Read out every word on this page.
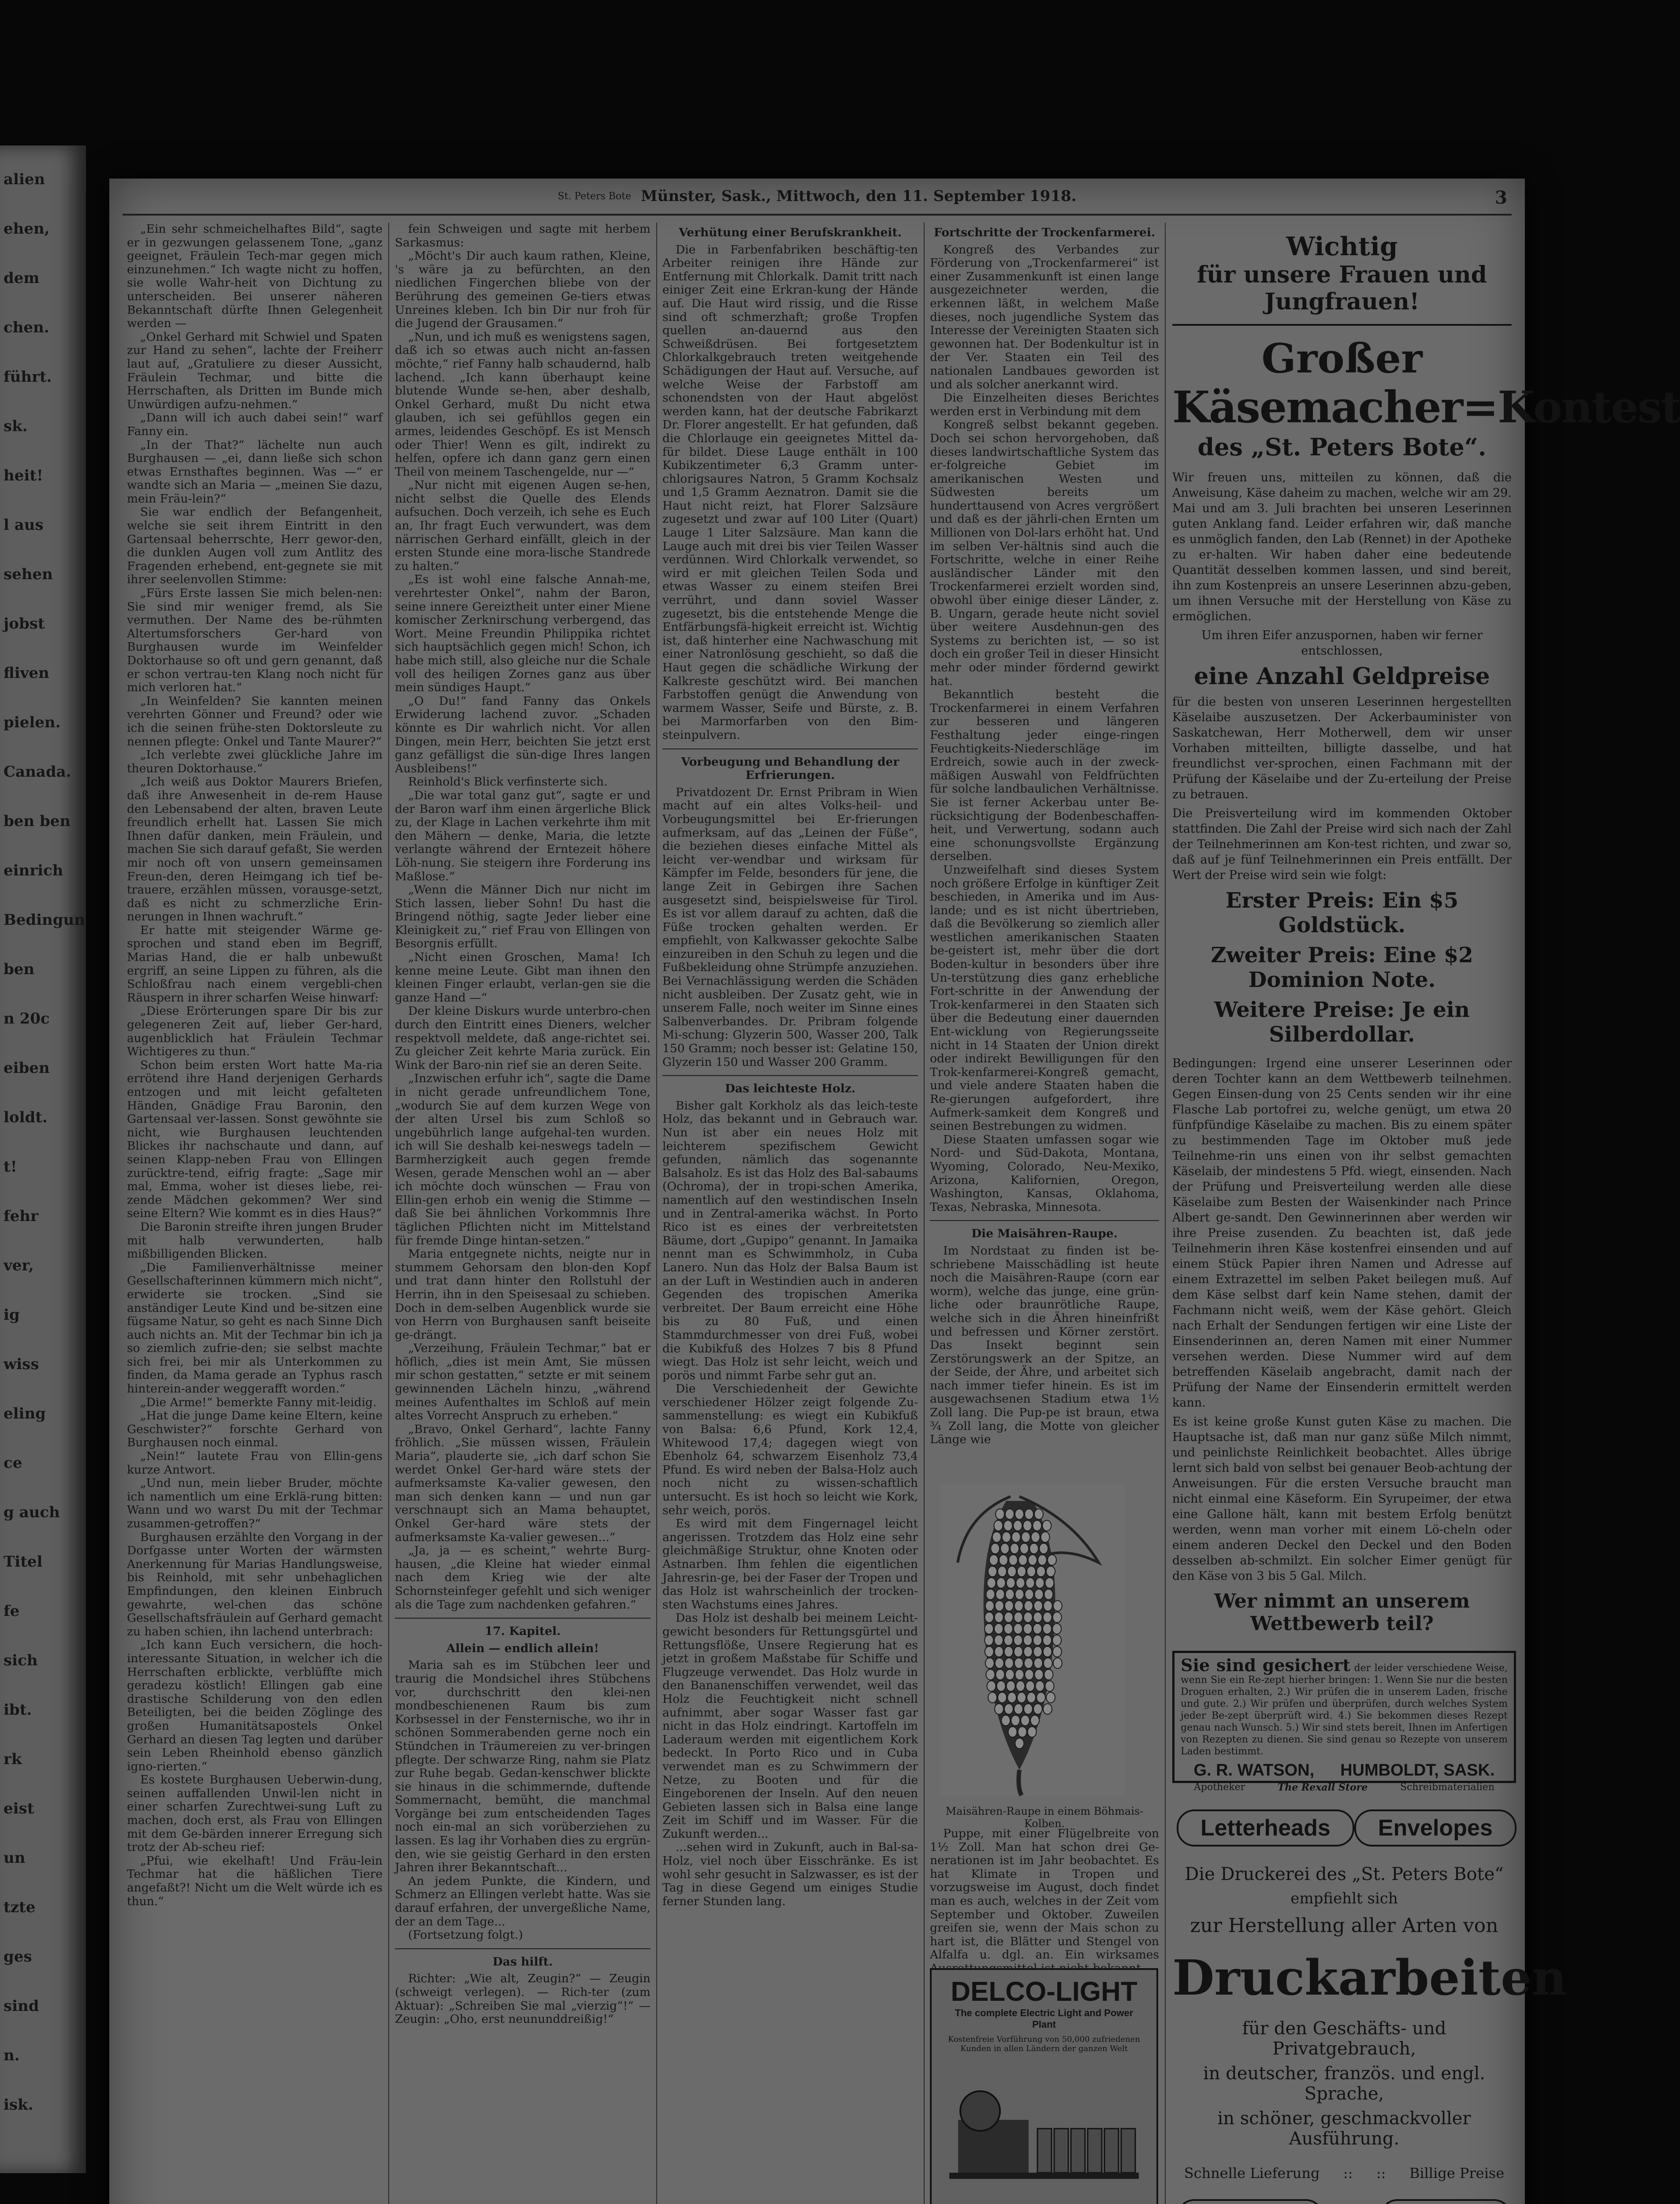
alien
ehen,
dem
chen.
führt.
sk.
heit!
l aus
sehen
jobst
fliven
pielen.
Canada.
ben ben
einrich
Bedingun
ben
n 20c
eiben
loldt.
t!
fehr
ver,
ig
wiss
eling
ce
g auch
Titel
fe
sich
ibt.
rk
eist
un
tzte
ges
sind
n.
isk.
St. Peters Bote Münster, Sask., Mittwoch, den 11. September 1918.	3

„Ein sehr schmeichelhaftes Bild“, sagte er in gezwungen gelassenem Tone, „ganz geeignet, Fräulein Tech-mar gegen mich einzunehmen.“ Ich wagte nicht zu hoffen, sie wolle Wahr-heit von Dichtung zu unterscheiden. Bei unserer näheren Bekanntschaft dürfte Ihnen Gelegenheit werden —

„Onkel Gerhard mit Schwiel und Spaten zur Hand zu sehen“, lachte der Freiherr laut auf, „Gratuliere zu dieser Aussicht, Fräulein Techmar, und bitte die Herrschaften, als Dritten im Bunde mich Unwürdigen aufzu-nehmen.“

„Dann will ich auch dabei sein!“ warf Fanny ein.

„In der That?“ lächelte nun auch Burghausen — „ei, dann ließe sich schon etwas Ernsthaftes beginnen. Was —“ er wandte sich an Maria — „meinen Sie dazu, mein Fräu-lein?“

Sie war endlich der Befangenheit, welche sie seit ihrem Eintritt in den Gartensaal beherrschte, Herr gewor-den, die dunklen Augen voll zum Antlitz des Fragenden erhebend, ent-gegnete sie mit ihrer seelenvollen Stimme:

„Fürs Erste lassen Sie mich belen-nen: Sie sind mir weniger fremd, als Sie vermuthen. Der Name des be-rühmten Altertumsforschers Ger-hard von Burghausen wurde im Weinfelder Doktorhause so oft und gern genannt, daß er schon vertrau-ten Klang noch nicht für mich verloren hat.“

„In Weinfelden? Sie kannten meinen verehrten Gönner und Freund? oder wie ich die seinen frühe-sten Doktorsleute zu nennen pflegte: Onkel und Tante Maurer?“

„Ich verlebte zwei glückliche Jahre im theuren Doktorhause.“

„Ich weiß aus Doktor Maurers Briefen, daß ihre Anwesenheit in de-rem Hause den Lebensabend der alten, braven Leute freundlich erhellt hat. Lassen Sie mich Ihnen dafür danken, mein Fräulein, und machen Sie sich darauf gefaßt, Sie werden mir noch oft von unsern gemeinsamen Freun-den, deren Heimgang ich tief be-trauere, erzählen müssen, vorausge-setzt, daß es nicht zu schmerzliche Erin-nerungen in Ihnen wachruft.“

Er hatte mit steigender Wärme ge-sprochen und stand eben im Begriff, Marias Hand, die er halb unbewußt ergriff, an seine Lippen zu führen, als die Schloßfrau nach einem vergebli-chen Räuspern in ihrer scharfen Weise hinwarf:

„Diese Erörterungen spare Dir bis zur gelegeneren Zeit auf, lieber Ger-hard, augenblicklich hat Fräulein Techmar Wichtigeres zu thun.“

Schon beim ersten Wort hatte Ma-ria errötend ihre Hand derjenigen Gerhards entzogen und mit leicht gefalteten Händen, Gnädige Frau Baronin, den Gartensaal ver-lassen. Sonst gewöhnte sie nicht, wie Burghausen leuchtenden Blickes ihr nachschaute und dann, auf seinen Klapp-neben Frau von Ellingen zurücktre-tend, eifrig fragte: „Sage mir mal, Emma, woher ist dieses liebe, rei-zende Mädchen gekommen? Wer sind seine Eltern? Wie kommt es in dies Haus?“

Die Baronin streifte ihren jungen Bruder mit halb verwunderten, halb mißbilligenden Blicken.

„Die Familienverhältnisse meiner Gesellschafterinnen kümmern mich nicht“, erwiderte sie trocken. „Sind sie anständiger Leute Kind und be-sitzen eine fügsame Natur, so geht es nach Sinne Dich auch nichts an. Mit der Techmar bin ich ja so ziemlich zufrie-den; sie selbst machte sich frei, bei mir als Unterkommen zu finden, da Mama gerade an Typhus rasch hinterein-ander weggerafft worden.“

„Die Arme!“ bemerkte Fanny mit-leidig.

„Hat die junge Dame keine Eltern, keine Geschwister?“ forschte Gerhard von Burghausen noch einmal.

„Nein!“ lautete Frau von Ellin-gens kurze Antwort.

„Und nun, mein lieber Bruder, möchte ich namentlich um eine Erklä-rung bitten: Wann und wo warst Du mit der Techmar zusammen-getroffen?“

Burghausen erzählte den Vorgang in der Dorfgasse unter Worten der wärmsten Anerkennung für Marias Handlungsweise, bis Reinhold, mit sehr unbehaglichen Empfindungen, den kleinen Einbruch gewahrte, wel-chen das schöne Gesellschaftsfräulein auf Gerhard gemacht zu haben schien, ihn lachend unterbrach:

„Ich kann Euch versichern, die hoch-interessante Situation, in welcher ich die Herrschaften erblickte, verblüffte mich geradezu köstlich! Ellingen gab eine drastische Schilderung von den edlen Beteiligten, bei die beiden Zöglinge des großen Humanitätsapostels Onkel Gerhard an diesen Tag legten und darüber sein Leben Rheinhold ebenso gänzlich igno-rierten.“

Es kostete Burghausen Ueberwin-dung, seinen auffallenden Unwil-len nicht in einer scharfen Zurechtwei-sung Luft zu machen, doch erst, als Frau von Ellingen mit dem Ge-bärden innerer Erregung sich trotz der Ab-scheu rief:

„Pfui, wie ekelhaft! Und Fräu-lein Techmar hat die häßlichen Tiere angefaßt?! Nicht um die Welt würde ich es thun.“

fein Schweigen und sagte mit herbem Sarkasmus:

„Möcht's Dir auch kaum rathen, Kleine, 's wäre ja zu befürchten, an den niedlichen Fingerchen bliebe von der Berührung des gemeinen Ge-tiers etwas Unreines kleben. Ich bin Dir nur froh für die Jugend der Grausamen.“

„Nun, und ich muß es wenigstens sagen, daß ich so etwas auch nicht an-fassen möchte,“ rief Fanny halb schaudernd, halb lachend. „Ich kann überhaupt keine blutende Wunde se-hen, aber deshalb, Onkel Gerhard, mußt Du nicht etwa glauben, ich sei gefühllos gegen ein armes, leidendes Geschöpf. Es ist Mensch oder Thier! Wenn es gilt, indirekt zu helfen, opfere ich dann ganz gern einen Theil von meinem Taschengelde, nur —“

„Nur nicht mit eigenen Augen se-hen, nicht selbst die Quelle des Elends aufsuchen. Doch verzeih, ich sehe es Euch an, Ihr fragt Euch verwundert, was dem närrischen Gerhard einfällt, gleich in der ersten Stunde eine mora-lische Standrede zu halten.“

„Es ist wohl eine falsche Annah-me, verehrtester Onkel“, nahm der Baron, seine innere Gereiztheit unter einer Miene komischer Zerknirschung verbergend, das Wort. Meine Freundin Philippika richtet sich hauptsächlich gegen mich! Schon, ich habe mich still, also gleiche nur die Schale voll des heiligen Zornes ganz aus über mein sündiges Haupt.“

„O Du!“ fand Fanny das Onkels Erwiderung lachend zuvor. „Schaden könnte es Dir wahrlich nicht. Vor allen Dingen, mein Herr, beichten Sie jetzt erst ganz gefälligst die sün-dige Ihres langen Ausbleibens!“

Reinhold's Blick verfinsterte sich.

„Die war total ganz gut“, sagte er und der Baron warf ihm einen ärgerliche Blick zu, der Klage in Lachen verkehrte ihm mit den Mähern — denke, Maria, die letzte verlangte während der Erntezeit höhere Löh-nung. Sie steigern ihre Forderung ins Maßlose.“

„Wenn die Männer Dich nur nicht im Stich lassen, lieber Sohn! Du hast die Bringend nöthig, sagte Jeder lieber eine Kleinigkeit zu,“ rief Frau von Ellingen von Besorgnis erfüllt.

„Nicht einen Groschen, Mama! Ich kenne meine Leute. Gibt man ihnen den kleinen Finger erlaubt, verlan-gen sie die ganze Hand —“

Der kleine Diskurs wurde unterbro-chen durch den Eintritt eines Dieners, welcher respektvoll meldete, daß ange-richtet sei. Zu gleicher Zeit kehrte Maria zurück. Ein Wink der Baro-nin rief sie an deren Seite.

„Inzwischen erfuhr ich“, sagte die Dame in nicht gerade unfreundlichem Tone, „wodurch Sie auf dem kurzen Wege von der alten Ursel bis zum Schloß so ungebührlich lange aufgehal-ten wurden. ich will Sie deshalb kei-neswegs tadeln — Barmherzigkeit auch gegen fremde Wesen, gerade Menschen wohl an — aber ich möchte doch wünschen — Frau von Ellin-gen erhob ein wenig die Stimme — daß Sie bei ähnlichen Vorkommnis Ihre täglichen Pflichten nicht im Mittelstand für fremde Dinge hintan-setzen.“

Maria entgegnete nichts, neigte nur in stummem Gehorsam den blon-den Kopf und trat dann hinter den Rollstuhl der Herrin, ihn in den Speisesaal zu schieben. Doch in dem-selben Augenblick wurde sie von Herrn von Burghausen sanft beiseite ge-drängt.

„Verzeihung, Fräulein Techmar,“ bat er höflich, „dies ist mein Amt, Sie müssen mir schon gestatten,“ setzte er mit seinem gewinnenden Lächeln hinzu, „während meines Aufenthaltes im Schloß auf mein altes Vorrecht Anspruch zu erheben.“

„Bravo, Onkel Gerhard“, lachte Fanny fröhlich. „Sie müssen wissen, Fräulein Maria“, plauderte sie, „ich darf schon Sie werdet Onkel Ger-hard wäre stets der aufmerksamste Ka-valier gewesen, den man sich denken kann — und nun gar verschnaupt sich an Mama behauptet, Onkel Ger-hard wäre stets der aufmerksamste Ka-valier gewesen...“

„Ja, ja — es scheint,“ wehrte Burg-hausen, „die Kleine hat wieder einmal nach dem Krieg wie der alte Schornsteinfeger gefehlt und sich weniger als die Tage zum nachdenken gefahren.“

17. Kapitel.

Allein — endlich allein!

Maria sah es im Stübchen leer und traurig die Mondsichel ihres Stübchens vor, durchschritt den klei-nen mondbeschienenen Raum bis zum Korbsessel in der Fensternische, wo ihr in schönen Sommerabenden gerne noch ein Stündchen in Träumereien zu ver-bringen pflegte. Der schwarze Ring, nahm sie Platz zur Ruhe begab. Gedan-kenschwer blickte sie hinaus in die schimmernde, duftende Sommernacht, bemüht, die manchmal Vorgänge bei zum entscheidenden Tages noch ein-mal an sich vorüberziehen zu lassen. Es lag ihr Vorhaben dies zu ergrün-den, wie sie geistig Gerhard in den ersten Jahren ihrer Bekanntschaft...

An jedem Punkte, die Kindern, und Schmerz an Ellingen verlebt hatte. Was sie darauf erfahren, der unvergeßliche Name, der an dem Tage...

(Fortsetzung folgt.)

Das hilft.

Richter: „Wie alt, Zeugin?“ — Zeugin (schweigt verlegen). — Rich-ter (zum Aktuar): „Schreiben Sie mal „vierzig“!“ — Zeugin: „Oho, erst neununddreißig!“

Verhütung einer Berufskrankheit.

Die in Farbenfabriken beschäftig-ten Arbeiter reinigen ihre Hände zur Entfernung mit Chlorkalk. Damit tritt nach einiger Zeit eine Erkran-kung der Hände auf. Die Haut wird rissig, und die Risse sind oft schmerzhaft; große Tropfen quellen an-dauernd aus den Schweißdrüsen. Bei fortgesetztem Chlorkalkgebrauch treten weitgehende Schädigungen der Haut auf. Versuche, auf welche Weise der Farbstoff am schonendsten von der Haut abgelöst werden kann, hat der deutsche Fabrikarzt Dr. Florer angestellt. Er hat gefunden, daß die Chlorlauge ein geeignetes Mittel da-für bildet. Diese Lauge enthält in 100 Kubikzentimeter 6,3 Gramm unter-chlorigsaures Natron, 5 Gramm Kochsalz und 1,5 Gramm Aeznatron. Damit sie die Haut nicht reizt, hat Florer Salzsäure zugesetzt und zwar auf 100 Liter (Quart) Lauge 1 Liter Salzsäure. Man kann die Lauge auch mit drei bis vier Teilen Wasser verdünnen. Wird Chlorkalk verwendet, so wird er mit gleichen Teilen Soda und etwas Wasser zu einem steifen Brei verrührt, und dann soviel Wasser zugesetzt, bis die entstehende Menge die Entfärbungsfä-higkeit erreicht ist. Wichtig ist, daß hinterher eine Nachwaschung mit einer Natronlösung geschieht, so daß die Haut gegen die schädliche Wirkung der Kalkreste geschützt wird. Bei manchen Farbstoffen genügt die Anwendung von warmem Wasser, Seife und Bürste, z. B. bei Marmorfarben von den Bim-steinpulvern.

Vorbeugung und Behandlung der Erfrierungen.

Privatdozent Dr. Ernst Pribram in Wien macht auf ein altes Volks-heil- und Vorbeugungsmittel bei Er-frierungen aufmerksam, auf das „Leinen der Füße“, die beziehen dieses einfache Mittel als leicht ver-wendbar und wirksam für Kämpfer im Felde, besonders für jene, die lange Zeit in Gebirgen ihre Sachen ausgesetzt sind, beispielsweise für Tirol. Es ist vor allem darauf zu achten, daß die Füße trocken gehalten werden. Er empfiehlt, von Kalkwasser gekochte Salbe einzureiben in den Schuh zu legen und die Fußbekleidung ohne Strümpfe anzuziehen. Bei Vernachlässigung werden die Schäden nicht ausbleiben. Der Zusatz geht, wie in unserem Falle, noch weiter im Sinne eines Salbenverbandes. Dr. Pribram folgende Mi-schung: Glyzerin 500, Wasser 200, Talk 150 Gramm; noch besser ist: Gelatine 150, Glyzerin 150 und Wasser 200 Gramm.

Das leichteste Holz.

Bisher galt Korkholz als das leich-teste Holz, das bekannt und in Gebrauch war. Nun ist aber ein neues Holz mit leichterem spezifischem Gewicht gefunden, nämlich das sogenannte Balsaholz. Es ist das Holz des Bal-sabaums (Ochroma), der in tropi-schen Amerika, namentlich auf den westindischen Inseln und in Zentral-amerika wächst. In Porto Rico ist es eines der verbreitetsten Bäume, dort „Gupipo“ genannt. In Jamaika nennt man es Schwimmholz, in Cuba Lanero. Nun das Holz der Balsa Baum ist an der Luft in Westindien auch in anderen Gegenden des tropischen Amerika verbreitet. Der Baum erreicht eine Höhe bis zu 80 Fuß, und einen Stammdurchmesser von drei Fuß, wobei die Kubikfuß des Holzes 7 bis 8 Pfund wiegt. Das Holz ist sehr leicht, weich und porös und nimmt Farbe sehr gut an.

Die Verschiedenheit der Gewichte verschiedener Hölzer zeigt folgende Zu-sammenstellung: es wiegt ein Kubikfuß von Balsa: 6,6 Pfund, Kork 12,4, Whitewood 17,4; dagegen wiegt von Ebenholz 64, schwarzem Eisenholz 73,4 Pfund. Es wird neben der Balsa-Holz auch noch nicht zu wissen-schaftlich untersucht. Es ist hoch so leicht wie Kork, sehr weich, porös.

Es wird mit dem Fingernagel leicht angerissen. Trotzdem das Holz eine sehr gleichmäßige Struktur, ohne Knoten oder Astnarben. Ihm fehlen die eigentlichen Jahresrin-ge, bei der Faser der Tropen und das Holz ist wahrscheinlich der trocken-sten Wachstums eines Jahres.

Das Holz ist deshalb bei meinem Leicht-gewicht besonders für Rettungsgürtel und Rettungsflöße, Unsere Regierung hat es jetzt in großem Maßstabe für Schiffe und Flugzeuge verwendet. Das Holz wurde in den Bananenschiffen verwendet, weil das Holz die Feuchtigkeit nicht schnell aufnimmt, aber sogar Wasser fast gar nicht in das Holz eindringt. Kartoffeln im Laderaum werden mit eigentlichem Kork bedeckt. In Porto Rico und in Cuba verwendet man es zu Schwimmern der Netze, zu Booten und für die Eingeborenen der Inseln. Auf den neuen Gebieten lassen sich in Balsa eine lange Zeit im Schiff und im Wasser. Für die Zukunft werden...

...sehen wird in Zukunft, auch in Bal-sa-Holz, viel noch über Eisschränke. Es ist wohl sehr gesucht in Salzwasser, es ist der Tag in diese Gegend um einiges Studie ferner Stunden lang.

Fortschritte der Trockenfarmerei.

Kongreß des Verbandes zur Förderung von „Trockenfarmerei“ ist einer Zusammenkunft ist einen lange ausgezeichneter werden, die erkennen läßt, in welchem Maße dieses, noch jugendliche System das Interesse der Vereinigten Staaten sich gewonnen hat. Der Bodenkultur ist in der Ver. Staaten ein Teil des nationalen Landbaues geworden ist und als solcher anerkannt wird.

Die Einzelheiten dieses Berichtes werden erst in Verbindung mit dem

Kongreß selbst bekannt gegeben. Doch sei schon hervorgehoben, daß dieses landwirtschaftliche System das er-folgreiche Gebiet im amerikanischen Westen und Südwesten bereits um hunderttausend von Acres vergrößert und daß es der jährli-chen Ernten um Millionen von Dol-lars erhöht hat. Und im selben Ver-hältnis sind auch die Fortschritte, welche in einer Reihe ausländischer Länder mit den Trockenfarmerei erzielt worden sind, obwohl über einige dieser Länder, z. B. Ungarn, gerade heute nicht soviel über weitere Ausdehnun-gen des Systems zu berichten ist, — so ist doch ein großer Teil in dieser Hinsicht mehr oder minder fördernd gewirkt hat.

Bekanntlich besteht die Trockenfarmerei in einem Verfahren zur besseren und längeren Festhaltung jeder einge-ringen Feuchtigkeits-Niederschläge im Erdreich, sowie auch in der zweck-mäßigen Auswahl von Feldfrüchten für solche landbaulichen Verhältnisse. Sie ist ferner Ackerbau unter Be-rücksichtigung der Bodenbeschaffen-heit, und Verwertung, sodann auch eine schonungsvollste Ergänzung derselben.

Unzweifelhaft sind dieses System noch größere Erfolge in künftiger Zeit beschieden, in Amerika und im Aus-lande; und es ist nicht übertrieben, daß die Bevölkerung so ziemlich aller westlichen amerikanischen Staaten be-geistert ist, mehr über die dort Boden-kultur in besonders über ihre Un-terstützung dies ganz erhebliche Fort-schritte in der Anwendung der Trok-kenfarmerei in den Staaten sich über die Bedeutung einer dauernden Ent-wicklung von Regierungsseite nicht in 14 Staaten der Union direkt oder indirekt Bewilligungen für den Trok-kenfarmerei-Kongreß gemacht, und viele andere Staaten haben die Re-gierungen aufgefordert, ihre Aufmerk-samkeit dem Kongreß und seinen Bestrebungen zu widmen.

Diese Staaten umfassen sogar wie Nord- und Süd-Dakota, Montana, Wyoming, Colorado, Neu-Mexiko, Arizona, Kalifornien, Oregon, Washington, Kansas, Oklahoma, Texas, Nebraska, Minnesota.

Die Maisähren-Raupe.

Im Nordstaat zu finden ist be-schriebene Maisschädling ist heute noch die Maisähren-Raupe (corn ear worm), welche das junge, eine grün-liche oder braunrötliche Raupe, welche sich in die Ähren hineinfrißt und befressen und Körner zerstört. Das Insekt beginnt sein Zerstörungswerk an der Spitze, an der Seide, der Ähre, und arbeitet sich nach immer tiefer hinein. Es ist im ausgewachsenen Stadium etwa 1½ Zoll lang. Die Pup-pe ist braun, etwa ¾ Zoll lang, die Motte von gleicher Länge wie

Maisähren-Raupe in einem Böhmais-Kolben.

Puppe, mit einer Flügelbreite von 1½ Zoll. Man hat schon drei Ge-nerationen ist im Jahr beobachtet. Es hat Klimate in Tropen und vorzugsweise im August, doch findet man es auch, welches in der Zeit vom September und Oktober. Zuweilen greifen sie, wenn der Mais schon zu hart ist, die Blätter und Stengel von Alfalfa u. dgl. an. Ein wirksames

DELCO-LIGHT
The complete Electric Light and Power Plant
Kostenfreie Vorführung von 50,000 zufriedenen Kunden in allen Ländern der ganzen Welt
Wichtig
für unsere Frauen und Jungfrauen!
Großer
Käsemacher=Kontest
des „St. Peters Bote“.

Wir freuen uns, mitteilen zu können, daß die Anweisung, Käse daheim zu machen, welche wir am 29. Mai und am 3. Juli brachten bei unseren Leserinnen guten Anklang fand. Leider erfahren wir, daß manche es unmöglich fanden, den Lab (Rennet) in der Apotheke zu er-halten. Wir haben daher eine bedeutende Quantität desselben kommen lassen, und sind bereit, ihn zum Kostenpreis an unsere Leserinnen abzu-geben, um ihnen Versuche mit der Herstellung von Käse zu ermöglichen.

Um ihren Eifer anzuspornen, haben wir ferner entschlossen,

eine Anzahl Geldpreise

für die besten von unseren Leserinnen hergestellten Käselaibe auszusetzen. Der Ackerbauminister von Saskatchewan, Herr Motherwell, dem wir unser Vorhaben mitteilten, billigte dasselbe, und hat freundlichst ver-sprochen, einen Fachmann mit der Prüfung der Käselaibe und der Zu-erteilung der Preise zu betrauen.

Die Preisverteilung wird im kommenden Oktober stattfinden. Die Zahl der Preise wird sich nach der Zahl der Teilnehmerinnen am Kon-test richten, und zwar so, daß auf je fünf Teilnehmerinnen ein Preis entfällt. Der Wert der Preise wird sein wie folgt:

Erster Preis: Ein $5 Goldstück.
Zweiter Preis: Eine $2 Dominion Note.
Weitere Preise: Je ein Silberdollar.

Bedingungen: Irgend eine unserer Leserinnen oder deren Tochter kann an dem Wettbewerb teilnehmen. Gegen Einsen-dung von 25 Cents senden wir ihr eine Flasche Lab portofrei zu, welche genügt, um etwa 20 fünfpfündige Käselaibe zu machen. Bis zu einem später zu bestimmenden Tage im Oktober muß jede Teilnehme-rin uns einen von ihr selbst gemachten Käselaib, der mindestens 5 Pfd. wiegt, einsenden. Nach der Prüfung und Preisverteilung werden alle diese Käselaibe zum Besten der Waisenkinder nach Prince Albert ge-sandt. Den Gewinnerinnen aber werden wir ihre Preise zusenden. Zu beachten ist, daß jede Teilnehmerin ihren Käse kostenfrei einsenden und auf einem Stück Papier ihren Namen und Adresse auf einem Extrazettel im selben Paket beilegen muß. Auf dem Käse selbst darf kein Name stehen, damit der Fachmann nicht weiß, wem der Käse gehört. Gleich nach Erhalt der Sendungen fertigen wir eine Liste der Einsenderinnen an, deren Namen mit einer Nummer versehen werden. Diese Nummer wird auf dem betreffenden Käselaib angebracht, damit nach der Prüfung der Name der Einsenderin ermittelt werden kann.

Es ist keine große Kunst guten Käse zu machen. Die Hauptsache ist, daß man nur ganz süße Milch nimmt, und peinlichste Reinlichkeit beobachtet. Alles übrige lernt sich bald von selbst bei genauer Beob-achtung der Anweisungen. Für die ersten Versuche braucht man nicht einmal eine Käseform. Ein Syrupeimer, der etwa eine Gallone hält, kann mit bestem Erfolg benützt werden, wenn man vorher mit einem Lö-cheln oder einem anderen Deckel den Deckel und den Boden desselben ab-schmilzt. Ein solcher Eimer genügt für den Käse von 3 bis 5 Gal. Milch.

Wer nimmt an unserem Wettbewerb teil?
Sie sind gesichert der leider verschiedene Weise, wenn Sie ein Re-zept hierher bringen: 1. Wenn Sie nur die besten Droguen erhalten, 2.) Wir prüfen die in unserem Laden, frische und gute. 2.) Wir prüfen und überprüfen, durch welches System jeder Be-zept überprüft wird. 4.) Sie bekommen dieses Rezept genau nach Wunsch. 5.) Wir sind stets bereit, Ihnen im Anfertigen von Rezepten zu dienen. Sie sind genau so Rezepte von unserem Laden bestimmt.
G. R. WATSON, HUMBOLDT, SASK.
Apotheker	The Rexall Store	Schreibmaterialien
Letterheads	Envelopes
Die Druckerei des „St. Peters Bote“
empfiehlt sich
zur Herstellung aller Arten von
Druckarbeiten
für den Geschäfts- und Privatgebrauch,
in deutscher, französ. und engl. Sprache,
in schöner, geschmackvoller Ausführung.
Schnelle Lieferung :: :: Billige Preise
